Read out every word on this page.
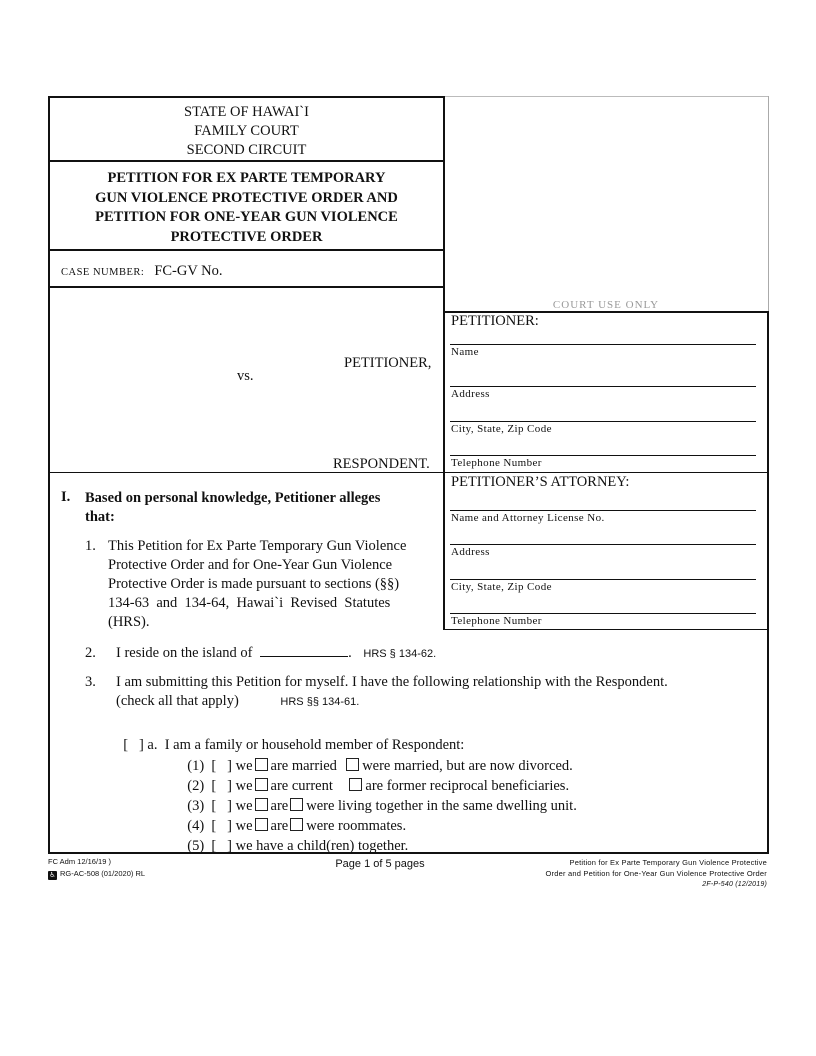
STATE OF HAWAI`I
FAMILY COURT
SECOND CIRCUIT
PETITION FOR EX PARTE TEMPORARY
GUN VIOLENCE PROTECTIVE ORDER AND
PETITION FOR ONE-YEAR GUN VIOLENCE
PROTECTIVE ORDER
CASE NUMBER: FC-GV No.
COURT USE ONLY
PETITIONER,
vs.
RESPONDENT.
PETITIONER:
Name
Address
City, State, Zip Code
Telephone Number
PETITIONER’S ATTORNEY:
Name and Attorney License No.
Address
City, State, Zip Code
Telephone Number
I. Based on personal knowledge, Petitioner alleges
that:
1. This Petition for Ex Parte Temporary Gun Violence
Protective Order and for One-Year Gun Violence
Protective Order is made pursuant to sections (§§)
134-63  and  134-64,  Hawai`i  Revised  Statutes
(HRS).
2. I reside on the island of	. HRS § 134-62.
3. I am submitting this Petition for myself. I have the following relationship with the Respondent.
(check all that apply)	HRS §§ 134-61.

[   ] a. I am a family or household member of Respondent:

(1) [   ] we are married were married, but are now divorced.

(2) [   ] we are current are former reciprocal beneficiaries.

(3) [   ] we are were living together in the same dwelling unit.

(4) [   ] we are were roommates.

(5) [   ] we have a child(ren) together.

FC Adm 12/16/19 )
♿ RG-AC-508 (01/2020) RL
Page 1 of 5 pages	Petition for Ex Parte Temporary Gun Violence Protective
Order and Petition for One-Year Gun Violence Protective Order
2F-P-540 (12/2019)
